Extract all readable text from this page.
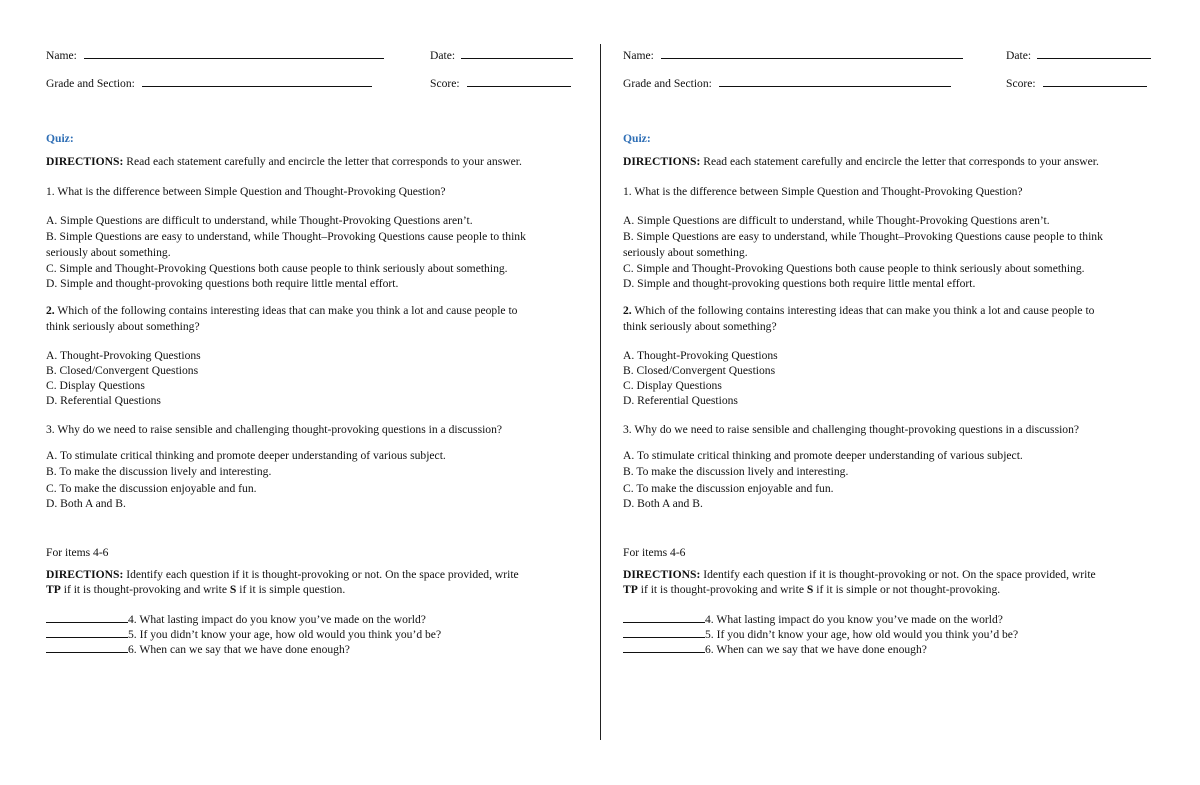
Name:	Date:
Grade and Section:	Score:
Quiz:
DIRECTIONS: Read each statement carefully and encircle the letter that corresponds to your answer.
1. What is the difference between Simple Question and Thought-Provoking Question?
A. Simple Questions are difficult to understand, while Thought-Provoking Questions aren’t.
B. Simple Questions are easy to understand, while Thought–Provoking Questions cause people to think
seriously about something.
C. Simple and Thought-Provoking Questions both cause people to think seriously about something.
D. Simple and thought-provoking questions both require little mental effort.
2. Which of the following contains interesting ideas that can make you think a lot and cause people to
think seriously about something?
A. Thought-Provoking Questions
B. Closed/Convergent Questions
C. Display Questions
D. Referential Questions
3. Why do we need to raise sensible and challenging thought-provoking questions in a discussion?
A. To stimulate critical thinking and promote deeper understanding of various subject.
B. To make the discussion lively and interesting.
C. To make the discussion enjoyable and fun.
D. Both A and B.
For items 4-6
DIRECTIONS: Identify each question if it is thought-provoking or not. On the space provided, write
TP if it is thought-provoking and write S if it is simple question.
4. What lasting impact do you know you’ve made on the world?
5. If you didn’t know your age, how old would you think you’d be?
6. When can we say that we have done enough?
Name:	Date:
Grade and Section:	Score:
Quiz:
DIRECTIONS: Read each statement carefully and encircle the letter that corresponds to your answer.
1. What is the difference between Simple Question and Thought-Provoking Question?
A. Simple Questions are difficult to understand, while Thought-Provoking Questions aren’t.
B. Simple Questions are easy to understand, while Thought–Provoking Questions cause people to think
seriously about something.
C. Simple and Thought-Provoking Questions both cause people to think seriously about something.
D. Simple and thought-provoking questions both require little mental effort.
2. Which of the following contains interesting ideas that can make you think a lot and cause people to
think seriously about something?
A. Thought-Provoking Questions
B. Closed/Convergent Questions
C. Display Questions
D. Referential Questions
3. Why do we need to raise sensible and challenging thought-provoking questions in a discussion?
A. To stimulate critical thinking and promote deeper understanding of various subject.
B. To make the discussion lively and interesting.
C. To make the discussion enjoyable and fun.
D. Both A and B.
For items 4-6
DIRECTIONS: Identify each question if it is thought-provoking or not. On the space provided, write
TP if it is thought-provoking and write S if it is simple or not thought-provoking.
4. What lasting impact do you know you’ve made on the world?
5. If you didn’t know your age, how old would you think you’d be?
6. When can we say that we have done enough?
